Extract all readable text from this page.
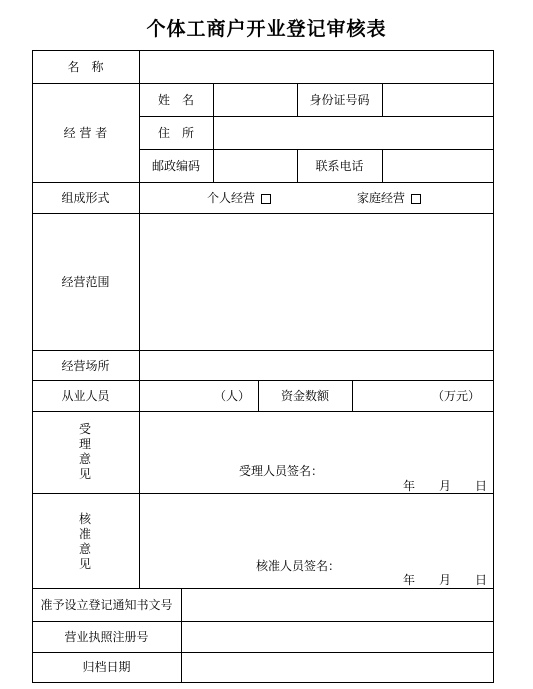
个体工商户开业登记审核表
名　称
经 营 者
姓　名	身份证号码
住　所
邮政编码	联系电话
组成形式	个人经营	家庭经营
经营范围
经营场所
从业人员	（人）	资金数额	（万元）
受理意见	受理人员签名：
年 月 日
核准意见	核准人员签名：
年 月 日
准予设立登记通知书文号
营业执照注册号
归档日期
